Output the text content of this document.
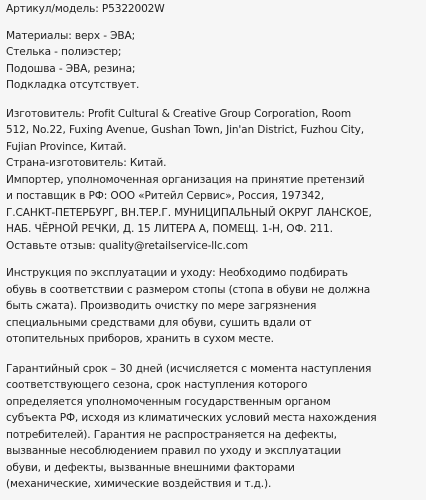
Артикул/модель: P5322002W

Материалы: верх - ЭВА;
Стелька - полиэстер;
Подошва - ЭВА, резина;
Подкладка отсутствует.

Изготовитель: Profit Cultural & Creative Group Corporation, Room
512, No.22, Fuxing Avenue, Gushan Town, Jin'an District, Fuzhou City,
Fujian Province, Китай.

Страна-изготовитель: Китай.

Импортер, уполномоченная организация на принятие претензий
и поставщик в РФ: ООО «Ритейл Сервис», Россия, 197342,
Г.САНКТ-ПЕТЕРБУРГ, ВН.ТЕР.Г. МУНИЦИПАЛЬНЫЙ ОКРУГ ЛАНСКОЕ,
НАБ. ЧЁРНОЙ РЕЧКИ, Д. 15 ЛИТЕРА А, ПОМЕЩ. 1-Н, ОФ. 211.

Оставьте отзыв: quality@retailservice-llc.com

Инструкция по эксплуатации и уходу: Необходимо подбирать
обувь в соответствии с размером стопы (стопа в обуви не должна
быть сжата). Производить очистку по мере загрязнения
специальными средствами для обуви, сушить вдали от
отопительных приборов, хранить в сухом месте.

Гарантийный срок – 30 дней (исчисляется с момента наступления
соответствующего сезона, срок наступления которого
определяется уполномоченным государственным органом
субъекта РФ, исходя из климатических условий места нахождения
потребителей). Гарантия не распространяется на дефекты,
вызванные несоблюдением правил по уходу и эксплуатации
обуви, и дефекты, вызванные внешними факторами
(механические, химические воздействия и т.д.).
